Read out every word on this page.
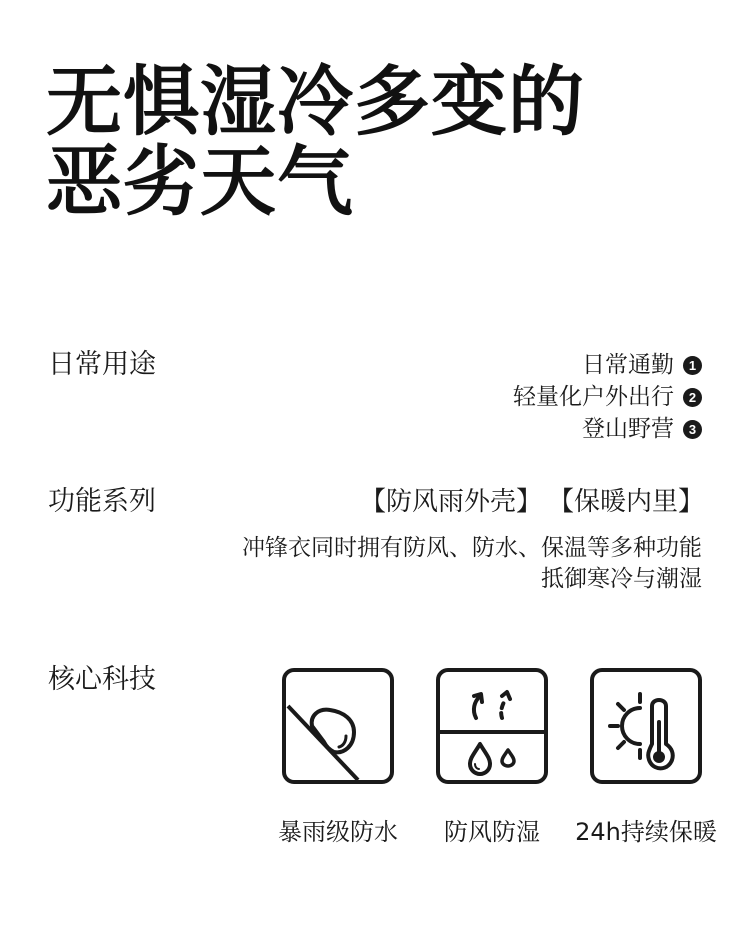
无惧湿冷多变的
恶劣天气
日常用途	日常通勤	1
轻量化户外出行	2
登山野营	3
功能系列	【防风雨外壳】 【保暖内里】
冲锋衣同时拥有防风、防水、保温等多种功能
抵御寒冷与潮湿
核心科技
暴雨级防水	防风防湿	24h持续保暖
